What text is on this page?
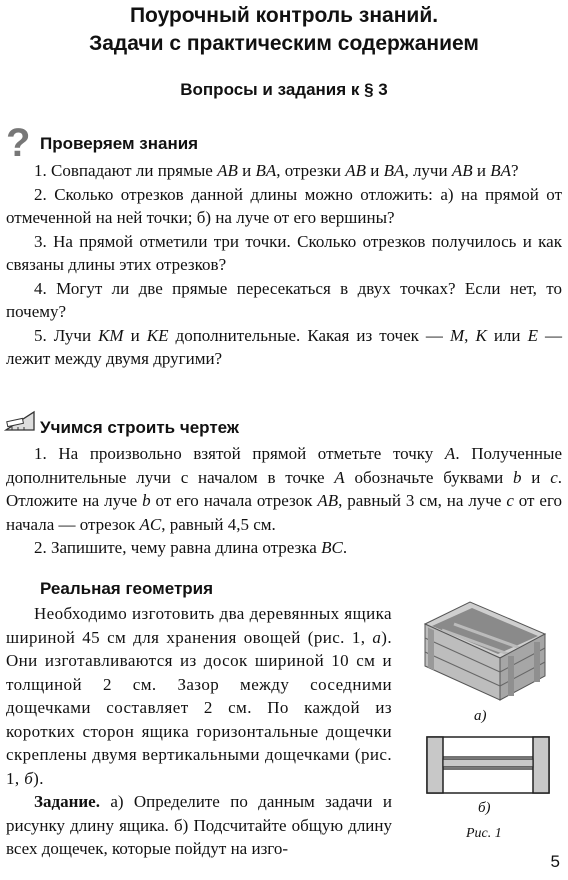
Поурочный контроль знаний.
Задачи с практическим содержанием
Вопросы и задания к § 3
? Проверяем знания

1. Совпадают ли прямые AB и BA, отрезки AB и BA, лучи AB и BA?

2. Сколько отрезков данной длины можно отложить: а) на прямой от отмеченной на ней точки; б) на луче от его вершины?

3. На прямой отметили три точки. Сколько отрезков получилось и как связаны длины этих отрезков?

4. Могут ли две прямые пересекаться в двух точках? Если нет, то почему?

5. Лучи KM и KE дополнительные. Какая из точек — M, K или E — лежит между двумя другими?

Учимся строить чертеж

1. На произвольно взятой прямой отметьте точку A. Полученные дополнительные лучи с началом в точке A обозначьте буквами b и c. Отложите на луче b от его начала отрезок AB, равный 3 см, на луче c от его начала — отрезок AC, равный 4,5 см.

2. Запишите, чему равна длина отрезка BC.

Реальная геометрия

Необходимо изготовить два деревянных ящика шириной 45 см для хранения овощей (рис. 1, а). Они изготавливаются из досок шириной 10 см и толщиной 2 см. Зазор между соседними дощечками составляет 2 см. По каждой из коротких сторон ящика горизонтальные дощечки скреплены двумя вертикальными дощечками (рис. 1, б).

Задание. а) Определите по данным задачи и рисунку длину ящика. б) Подсчитайте общую длину всех дощечек, которые пойдут на изго-

а)
б)
Рис. 1
5
